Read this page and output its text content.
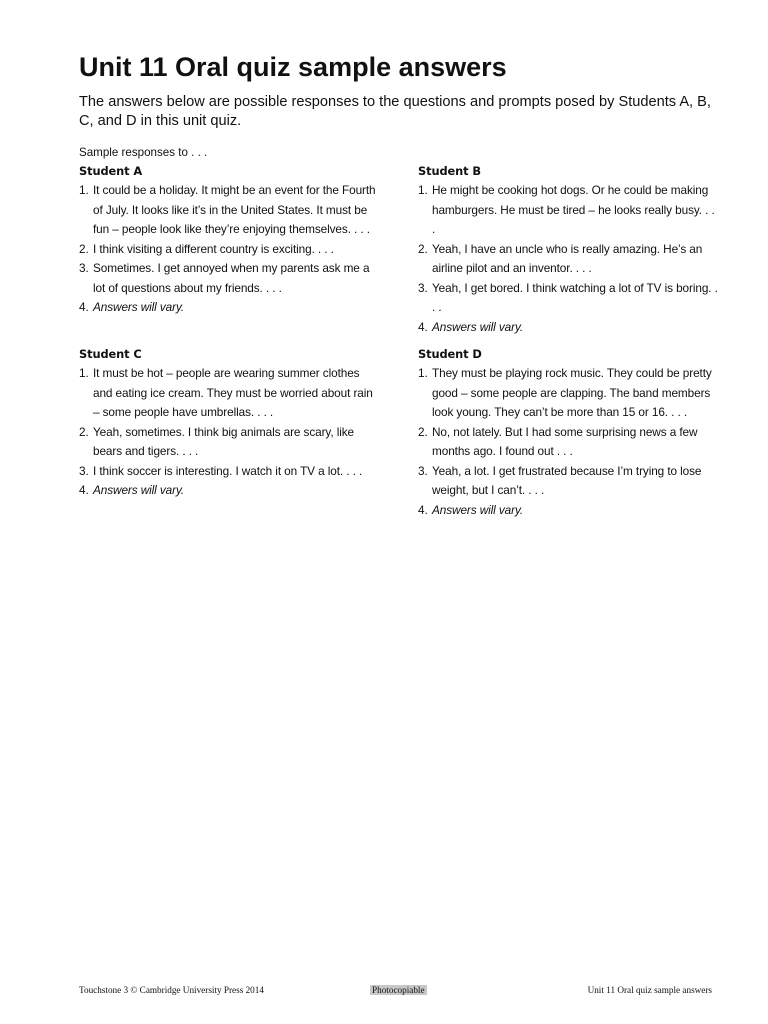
Unit 11 Oral quiz sample answers
The answers below are possible responses to the questions and prompts posed by Students A, B, C, and D in this unit quiz.
Sample responses to . . .
Student A
1. It could be a holiday. It might be an event for the Fourth of July. It looks like it’s in the United States. It must be fun – people look like they’re enjoying themselves. . . .
2. I think visiting a different country is exciting. . . .
3. Sometimes. I get annoyed when my parents ask me a lot of questions about my friends. . . .
4. Answers will vary.
Student B
1. He might be cooking hot dogs. Or he could be making hamburgers. He must be tired – he looks really busy. . . .
2. Yeah, I have an uncle who is really amazing. He’s an airline pilot and an inventor. . . .
3. Yeah, I get bored. I think watching a lot of TV is boring. . . .
4. Answers will vary.
Student C
1. It must be hot – people are wearing summer clothes and eating ice cream. They must be worried about rain – some people have umbrellas. . . .
2. Yeah, sometimes. I think big animals are scary, like bears and tigers. . . .
3. I think soccer is interesting. I watch it on TV a lot. . . .
4. Answers will vary.
Student D
1. They must be playing rock music. They could be pretty good – some people are clapping. The band members look young. They can’t be more than 15 or 16. . . .
2. No, not lately. But I had some surprising news a few months ago. I found out . . .
3. Yeah, a lot. I get frustrated because I’m trying to lose weight, but I can’t. . . .
4. Answers will vary.
Touchstone 3 © Cambridge University Press 2014	Photocopiable	Unit 11 Oral quiz sample answers
